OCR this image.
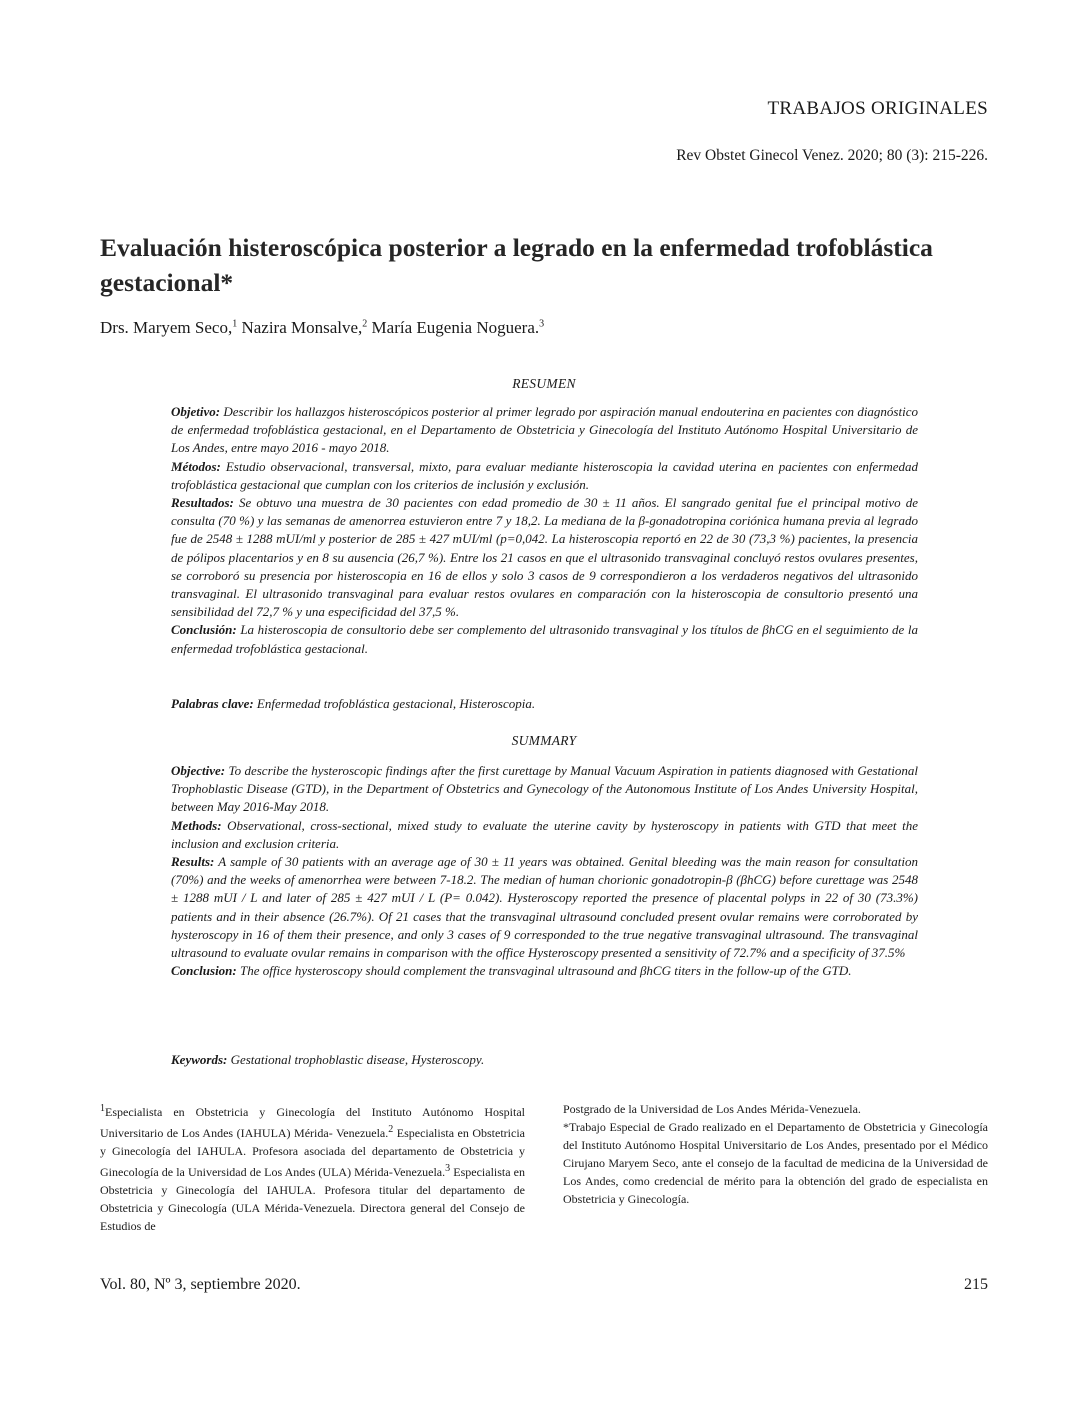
TRABAJOS ORIGINALES
Rev Obstet Ginecol Venez. 2020; 80 (3): 215-226.
Evaluación histeroscópica posterior a legrado en la enfermedad trofoblástica gestacional*
Drs. Maryem Seco,$^1$ Nazira Monsalve,$^2$ María Eugenia Noguera.$^3$
RESUMEN

Objetivo: Describir los hallazgos histeroscópicos posterior al primer legrado por aspiración manual endouterina en pacientes con diagnóstico de enfermedad trofoblástica gestacional, en el Departamento de Obstetricia y Ginecología del Instituto Autónomo Hospital Universitario de Los Andes, entre mayo 2016 - mayo 2018.

Métodos: Estudio observacional, transversal, mixto, para evaluar mediante histeroscopia la cavidad uterina en pacientes con enfermedad trofoblástica gestacional que cumplan con los criterios de inclusión y exclusión.

Resultados: Se obtuvo una muestra de 30 pacientes con edad promedio de 30 ± 11 años. El sangrado genital fue el principal motivo de consulta (70 %) y las semanas de amenorrea estuvieron entre 7 y 18,2. La mediana de la β-gonadotropina coriónica humana previa al legrado fue de 2548 ± 1288 mUI/ml y posterior de 285 ± 427 mUI/ml (p=0,042. La histeroscopia reportó en 22 de 30 (73,3 %) pacientes, la presencia de pólipos placentarios y en 8 su ausencia (26,7 %). Entre los 21 casos en que el ultrasonido transvaginal concluyó restos ovulares presentes, se corroboró su presencia por histeroscopia en 16 de ellos y solo 3 casos de 9 correspondieron a los verdaderos negativos del ultrasonido transvaginal. El ultrasonido transvaginal para evaluar restos ovulares en comparación con la histeroscopia de consultorio presentó una sensibilidad del 72,7 % y una especificidad del 37,5 %.

Conclusión: La histeroscopia de consultorio debe ser complemento del ultrasonido transvaginal y los títulos de βhCG en el seguimiento de la enfermedad trofoblástica gestacional.

Palabras clave: Enfermedad trofoblástica gestacional, Histeroscopia.
SUMMARY

Objective: To describe the hysteroscopic findings after the first curettage by Manual Vacuum Aspiration in patients diagnosed with Gestational Trophoblastic Disease (GTD), in the Department of Obstetrics and Gynecology of the Autonomous Institute of Los Andes University Hospital, between May 2016-May 2018.

Methods: Observational, cross-sectional, mixed study to evaluate the uterine cavity by hysteroscopy in patients with GTD that meet the inclusion and exclusion criteria.

Results: A sample of 30 patients with an average age of 30 ± 11 years was obtained. Genital bleeding was the main reason for consultation (70%) and the weeks of amenorrhea were between 7-18.2. The median of human chorionic gonadotropin-β (βhCG) before curettage was 2548 ± 1288 mUI / L and later of 285 ± 427 mUI / L (P= 0.042). Hysteroscopy reported the presence of placental polyps in 22 of 30 (73.3%) patients and in their absence (26.7%). Of 21 cases that the transvaginal ultrasound concluded present ovular remains were corroborated by hysteroscopy in 16 of them their presence, and only 3 cases of 9 corresponded to the true negative transvaginal ultrasound. The transvaginal ultrasound to evaluate ovular remains in comparison with the office Hysteroscopy presented a sensitivity of 72.7% and a specificity of 37.5%

Conclusion: The office hysteroscopy should complement the transvaginal ultrasound and βhCG titers in the follow-up of the GTD.

Keywords: Gestational trophoblastic disease, Hysteroscopy.
$^1$Especialista en Obstetricia y Ginecología del Instituto Autónomo Hospital Universitario de Los Andes (IAHULA) Mérida- Venezuela.$^2$ Especialista en Obstetricia y Ginecología del IAHULA. Profesora asociada del departamento de Obstetricia y Ginecología de la Universidad de Los Andes (ULA) Mérida-Venezuela.$^3$ Especialista en Obstetricia y Ginecología del IAHULA. Profesora titular del departamento de Obstetricia y Ginecología (ULA Mérida-Venezuela. Directora general del Consejo de Estudios de

Postgrado de la Universidad de Los Andes Mérida-Venezuela.

*Trabajo Especial de Grado realizado en el Departamento de Obstetricia y Ginecología del Instituto Autónomo Hospital Universitario de Los Andes, presentado por el Médico Cirujano Maryem Seco, ante el consejo de la facultad de medicina de la Universidad de Los Andes, como credencial de mérito para la obtención del grado de especialista en Obstetricia y Ginecología.

Vol. 80, Nº 3, septiembre 2020.	215
